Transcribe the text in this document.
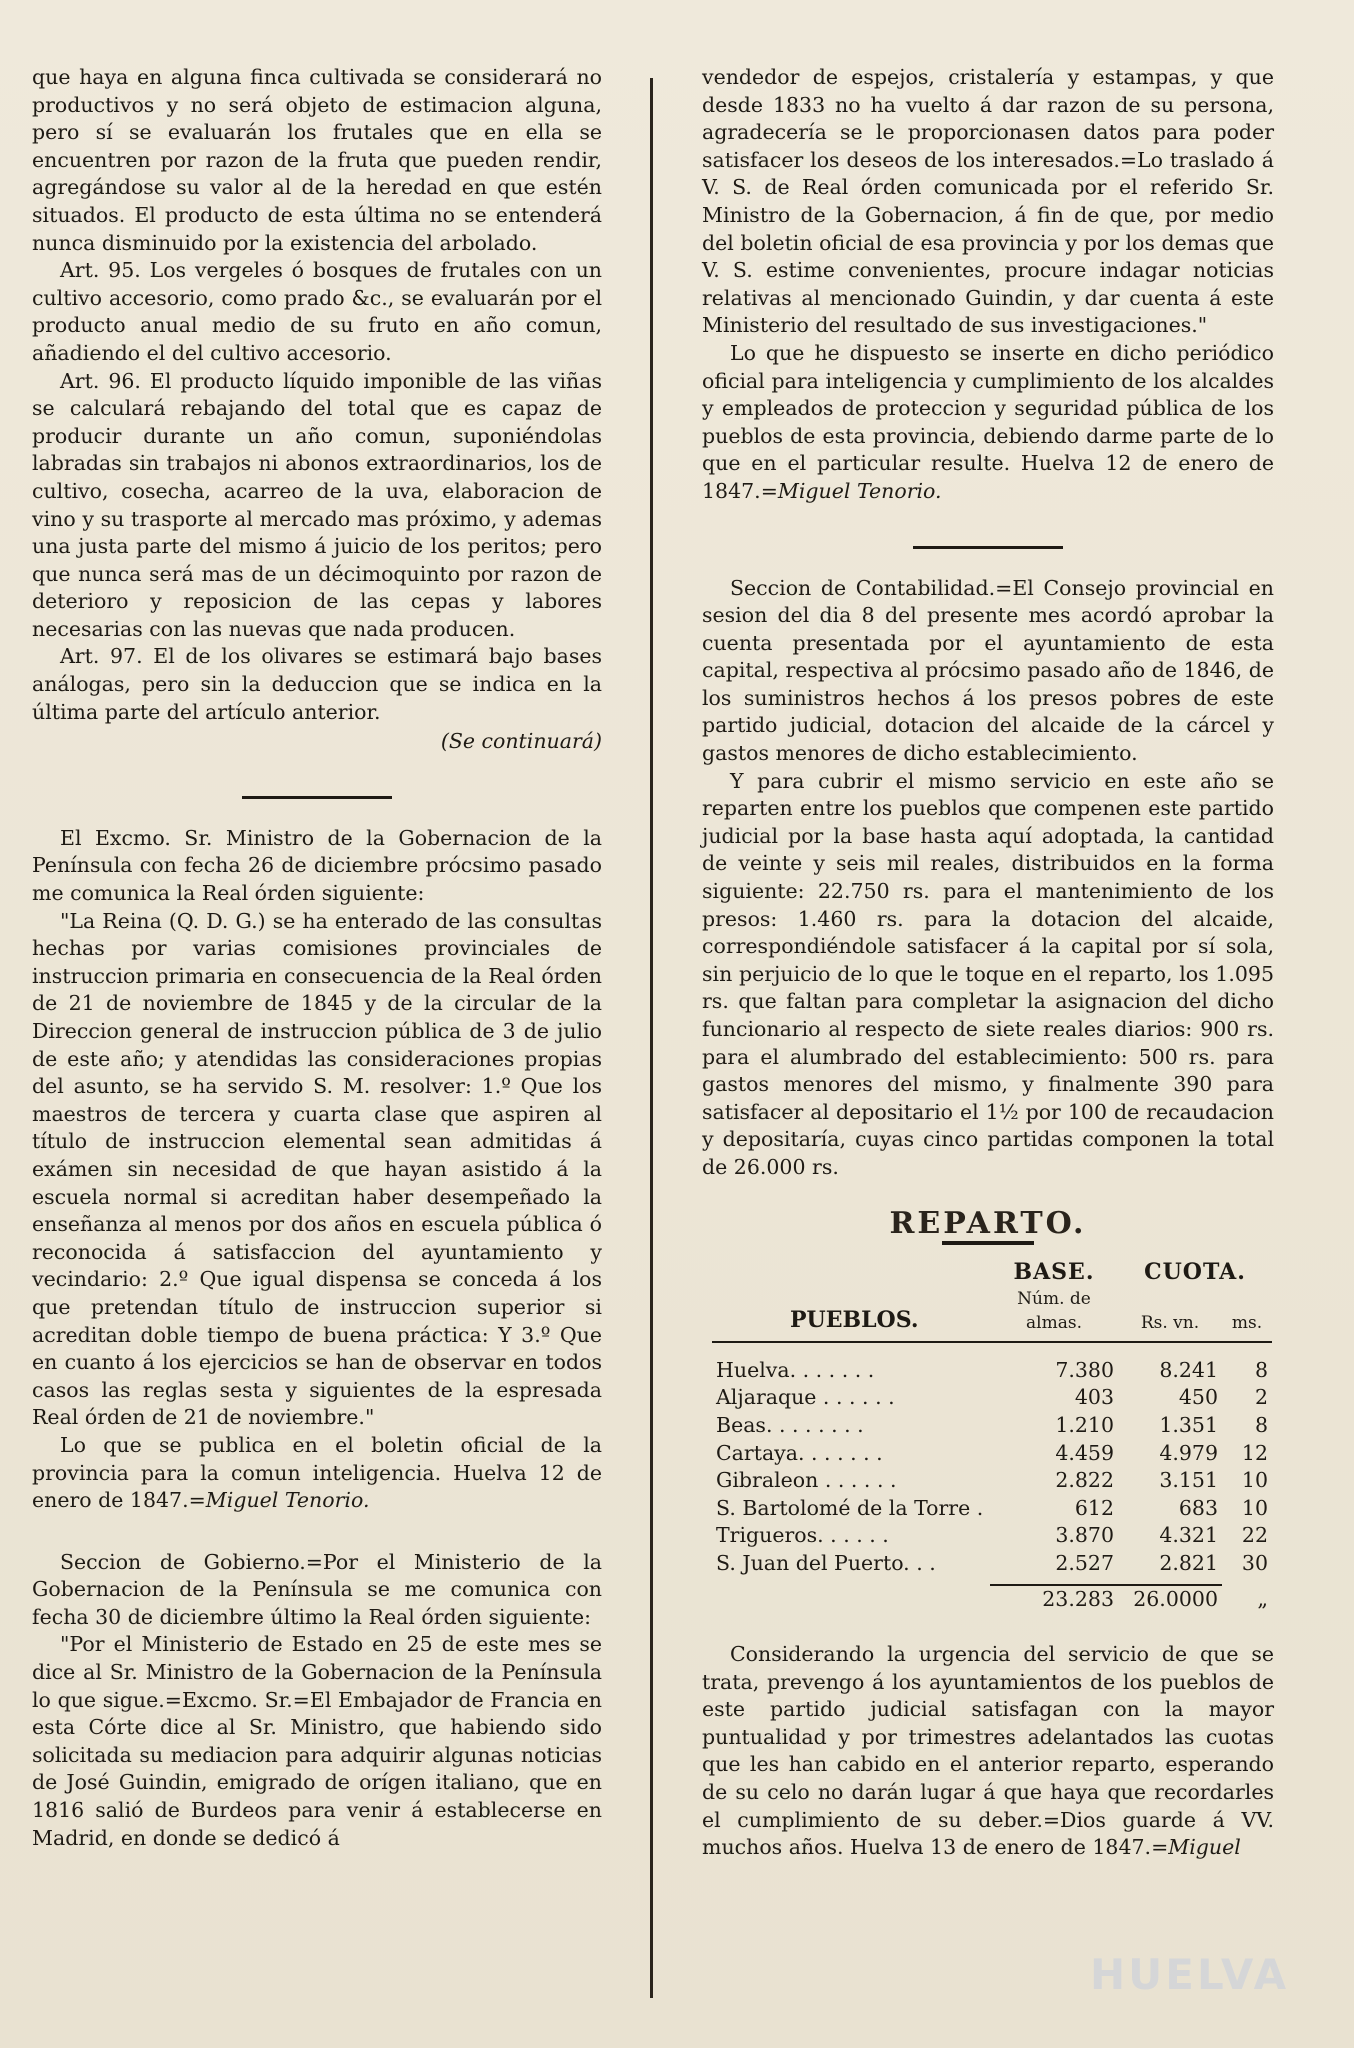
que haya en alguna finca cultivada se considerará no productivos y no será objeto de estimacion alguna, pero sí se evaluarán los frutales que en ella se encuentren por razon de la fruta que pueden rendir, agregándose su valor al de la heredad en que estén situados. El producto de esta última no se entenderá nunca disminuido por la existencia del arbolado.

Art. 95. Los vergeles ó bosques de frutales con un cultivo accesorio, como prado &c., se evaluarán por el producto anual medio de su fruto en año comun, añadiendo el del cultivo accesorio.

Art. 96. El producto líquido imponible de las viñas se calculará rebajando del total que es capaz de producir durante un año comun, suponiéndolas labradas sin trabajos ni abonos extraordinarios, los de cultivo, cosecha, acarreo de la uva, elaboracion de vino y su trasporte al mercado mas próximo, y ademas una justa parte del mismo á juicio de los peritos; pero que nunca será mas de un décimoquinto por razon de deterioro y reposicion de las cepas y labores necesarias con las nuevas que nada producen.

Art. 97. El de los olivares se estimará bajo bases análogas, pero sin la deduccion que se indica en la última parte del artículo anterior.

(Se continuará)

El Excmo. Sr. Ministro de la Gobernacion de la Península con fecha 26 de diciembre prócsimo pasado me comunica la Real órden siguiente:

"La Reina (Q. D. G.) se ha enterado de las consultas hechas por varias comisiones provinciales de instruccion primaria en consecuencia de la Real órden de 21 de noviembre de 1845 y de la circular de la Direccion general de instruccion pública de 3 de julio de este año; y atendidas las consideraciones propias del asunto, se ha servido S. M. resolver: 1.º Que los maestros de tercera y cuarta clase que aspiren al título de instruccion elemental sean admitidas á exámen sin necesidad de que hayan asistido á la escuela normal si acreditan haber desempeñado la enseñanza al menos por dos años en escuela pública ó reconocida á satisfaccion del ayuntamiento y vecindario: 2.º Que igual dispensa se conceda á los que pretendan título de instruccion superior si acreditan doble tiempo de buena práctica: Y 3.º Que en cuanto á los ejercicios se han de observar en todos casos las reglas sesta y siguientes de la espresada Real órden de 21 de noviembre."

Lo que se publica en el boletin oficial de la provincia para la comun inteligencia. Huelva 12 de enero de 1847.=Miguel Tenorio.

Seccion de Gobierno.=Por el Ministerio de la Gobernacion de la Península se me comunica con fecha 30 de diciembre último la Real órden siguiente:

"Por el Ministerio de Estado en 25 de este mes se dice al Sr. Ministro de la Gobernacion de la Península lo que sigue.=Excmo. Sr.=El Embajador de Francia en esta Córte dice al Sr. Ministro, que habiendo sido solicitada su mediacion para adquirir algunas noticias de José Guindin, emigrado de orígen italiano, que en 1816 salió de Burdeos para venir á establecerse en Madrid, en donde se dedicó á

vendedor de espejos, cristalería y estampas, y que desde 1833 no ha vuelto á dar razon de su persona, agradecería se le proporcionasen datos para poder satisfacer los deseos de los interesados.=Lo traslado á V. S. de Real órden comunicada por el referido Sr. Ministro de la Gobernacion, á fin de que, por medio del boletin oficial de esa provincia y por los demas que V. S. estime convenientes, procure indagar noticias relativas al mencionado Guindin, y dar cuenta á este Ministerio del resultado de sus investigaciones."

Lo que he dispuesto se inserte en dicho periódico oficial para inteligencia y cumplimiento de los alcaldes y empleados de proteccion y seguridad pública de los pueblos de esta provincia, debiendo darme parte de lo que en el particular resulte. Huelva 12 de enero de 1847.=Miguel Tenorio.

Seccion de Contabilidad.=El Consejo provincial en sesion del dia 8 del presente mes acordó aprobar la cuenta presentada por el ayuntamiento de esta capital, respectiva al prócsimo pasado año de 1846, de los suministros hechos á los presos pobres de este partido judicial, dotacion del alcaide de la cárcel y gastos menores de dicho establecimiento.

Y para cubrir el mismo servicio en este año se reparten entre los pueblos que compenen este partido judicial por la base hasta aquí adoptada, la cantidad de veinte y seis mil reales, distribuidos en la forma siguiente: 22.750 rs. para el mantenimiento de los presos: 1.460 rs. para la dotacion del alcaide, correspondiéndole satisfacer á la capital por sí sola, sin perjuicio de lo que le toque en el reparto, los 1.095 rs. que faltan para completar la asignacion del dicho funcionario al respecto de siete reales diarios: 900 rs. para el alumbrado del establecimiento: 500 rs. para gastos menores del mismo, y finalmente 390 para satisfacer al depositario el 1½ por 100 de recaudacion y depositaría, cuyas cinco partidas componen la total de 26.000 rs.

REPARTO.
PUEBLOS.	BASE.	CUOTA.	
	Núm. de almas.	Rs. vn.	ms.

Huelva. . . . . . .	7.380	8.241	8
Aljaraque . . . . . .	403	450	2
Beas. . . . . . . .	1.210	1.351	8
Cartaya. . . . . . .	4.459	4.979	12
Gibraleon . . . . . .	2.822	3.151	10
S. Bartolomé de la Torre .	612	683	10
Trigueros. . . . . .	3.870	4.321	22
S. Juan del Puerto. . .	2.527	2.821	30

	23.283	26.0000	„

Considerando la urgencia del servicio de que se trata, prevengo á los ayuntamientos de los pueblos de este partido judicial satisfagan con la mayor puntualidad y por trimestres adelantados las cuotas que les han cabido en el anterior reparto, esperando de su celo no darán lugar á que haya que recordarles el cumplimiento de su deber.=Dios guarde á VV. muchos años. Huelva 13 de enero de 1847.=Miguel

HUELVA
